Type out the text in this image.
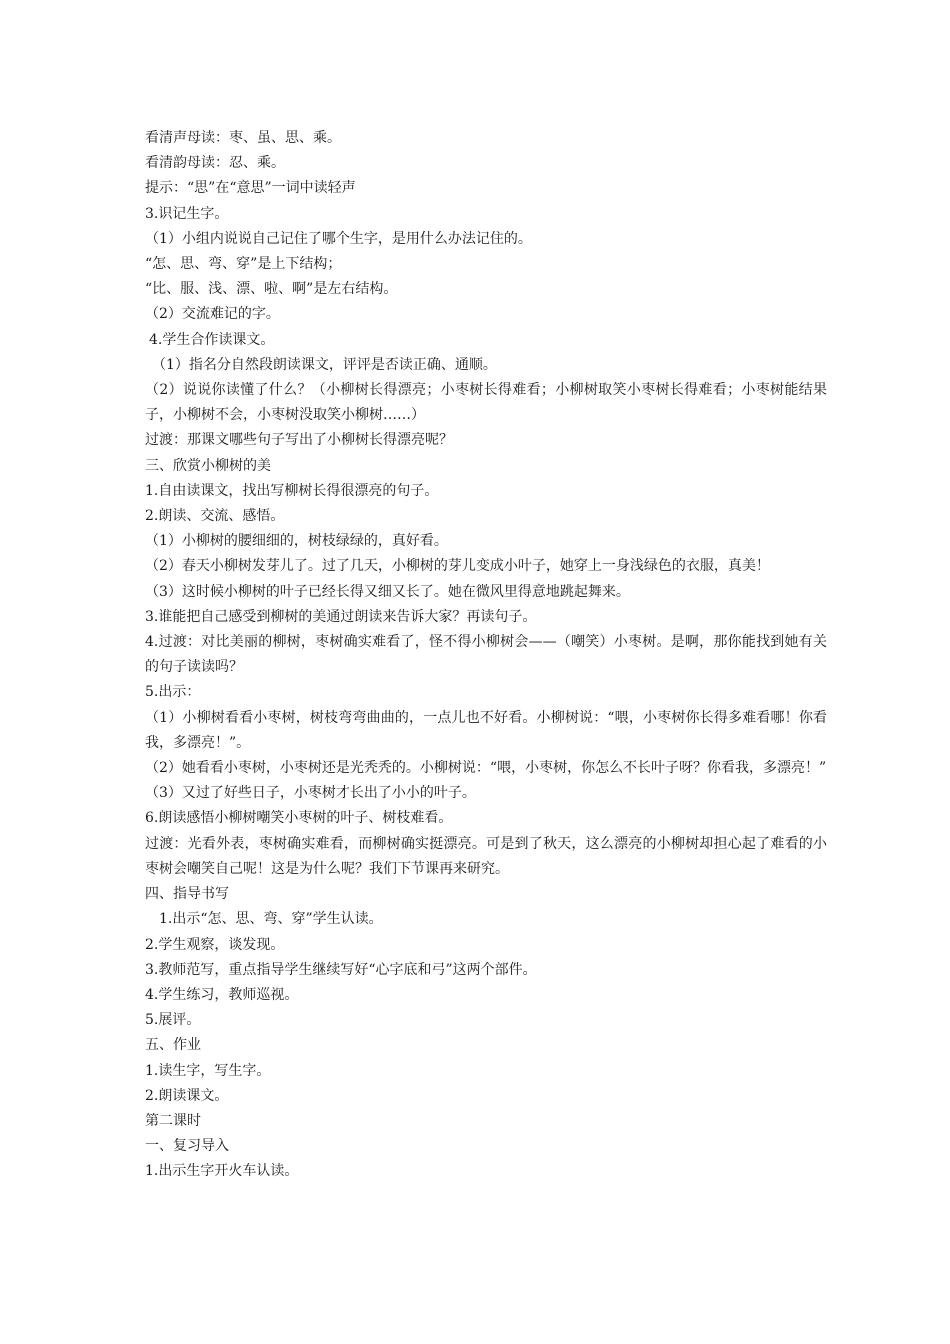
看清声母读：枣、虽、思、乘。

看清韵母读：忍、乘。

提示：“思”在“意思”一词中读轻声

3.识记生字。

（1）小组内说说自己记住了哪个生字，是用什么办法记住的。

“怎、思、弯、穿”是上下结构；

“比、服、浅、漂、啦、啊”是左右结构。

（2）交流难记的字。

4.学生合作读课文。

（1）指名分自然段朗读课文，评评是否读正确、通顺。

（2）说说你读懂了什么？（小柳树长得漂亮；小枣树长得难看；小柳树取笑小枣树长得难看；小枣树能结果子，小柳树不会，小枣树没取笑小柳树……）

过渡：那课文哪些句子写出了小柳树长得漂亮呢？

三、欣赏小柳树的美

1.自由读课文，找出写柳树长得很漂亮的句子。

2.朗读、交流、感悟。

（1）小柳树的腰细细的，树枝绿绿的，真好看。

（2）春天小柳树发芽儿了。过了几天，小柳树的芽儿变成小叶子，她穿上一身浅绿色的衣服，真美！

（3）这时候小柳树的叶子已经长得又细又长了。她在微风里得意地跳起舞来。

3.谁能把自己感受到柳树的美通过朗读来告诉大家？再读句子。

4.过渡：对比美丽的柳树，枣树确实难看了，怪不得小柳树会——（嘲笑）小枣树。是啊，那你能找到她有关的句子读读吗？

5.出示：

（1）小柳树看看小枣树，树枝弯弯曲曲的，一点儿也不好看。小柳树说：“喂，小枣树你长得多难看哪！你看我，多漂亮！”。

（2）她看看小枣树，小枣树还是光秃秃的。小柳树说：“喂，小枣树，你怎么不长叶子呀？你看我，多漂亮！”

（3）又过了好些日子，小枣树才长出了小小的叶子。

6.朗读感悟小柳树嘲笑小枣树的叶子、树枝难看。

过渡：光看外表，枣树确实难看，而柳树确实挺漂亮。可是到了秋天，这么漂亮的小柳树却担心起了难看的小枣树会嘲笑自己呢！这是为什么呢？我们下节课再来研究。

四、指导书写

1.出示“怎、思、弯、穿”学生认读。

2.学生观察，谈发现。

3.教师范写，重点指导学生继续写好“心字底和弓”这两个部件。

4.学生练习，教师巡视。

5.展评。

五、作业

1.读生字，写生字。

2.朗读课文。

第二课时

一、复习导入

1.出示生字开火车认读。
